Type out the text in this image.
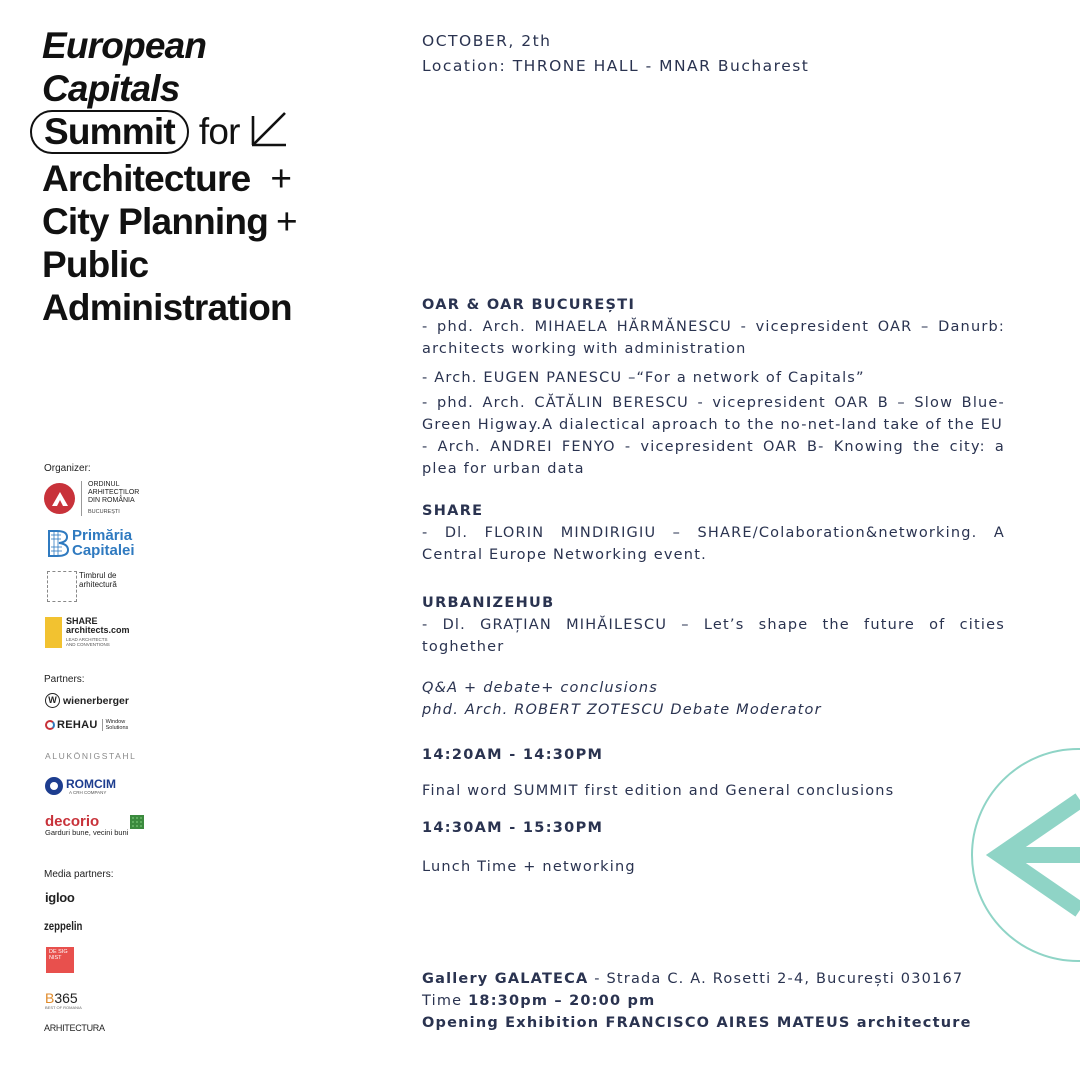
European
Capitals
Summit for
Architecture +
City Planning +
Public
Administration
OCTOBER, 2th
Location: THRONE HALL - MNAR Bucharest
Organizer:
ORDINUL
ARHITECȚILOR
DIN ROMÂNIA
BUCUREȘTI
Primăria
Capitalei
Timbrul de
arhitectură
SHARE
architects.com
LEAD ARCHITECTS
AND CONVENTIONS
Partners:
W wienerberger
REHAU Window
Solutions
ALUKÖNIGSTAHL
ROMCIM
A CRH COMPANY
decorio
Garduri bune, vecini buni
Media partners:
igloo
zeppelin
DE SIG NIST
B365
BEST OF ROMANIA
ARHITECTURA
OAR & OAR BUCUREȘTI
- phd. Arch. MIHAELA HĂRMĂNESCU - vicepresident OAR – Danurb: architects working with administration
- Arch. EUGEN PANESCU –“For a network of Capitals”
- phd. Arch. CĂTĂLIN BERESCU - vicepresident OAR B – Slow Blue-Green Higway.A dialectical aproach to the no-net-land take of the EU
- Arch. ANDREI FENYO - vicepresident OAR B- Knowing the city: a plea for urban data
SHARE
- Dl. FLORIN MINDIRIGIU – SHARE/Colaboration&networking. A Central Europe Networking event.
URBANIZEHUB
- Dl. GRAȚIAN MIHĂILESCU – Let’s shape the future of cities toghether
Q&A + debate+ conclusions
phd. Arch. ROBERT ZOTESCU Debate Moderator
14:20AM - 14:30PM
Final word SUMMIT first edition and General conclusions
14:30AM - 15:30PM
Lunch Time + networking
Gallery GALATECA - Strada C. A. Rosetti 2-4, București 030167
Time 18:30pm – 20:00 pm
Opening Exhibition FRANCISCO AIRES MATEUS architecture
